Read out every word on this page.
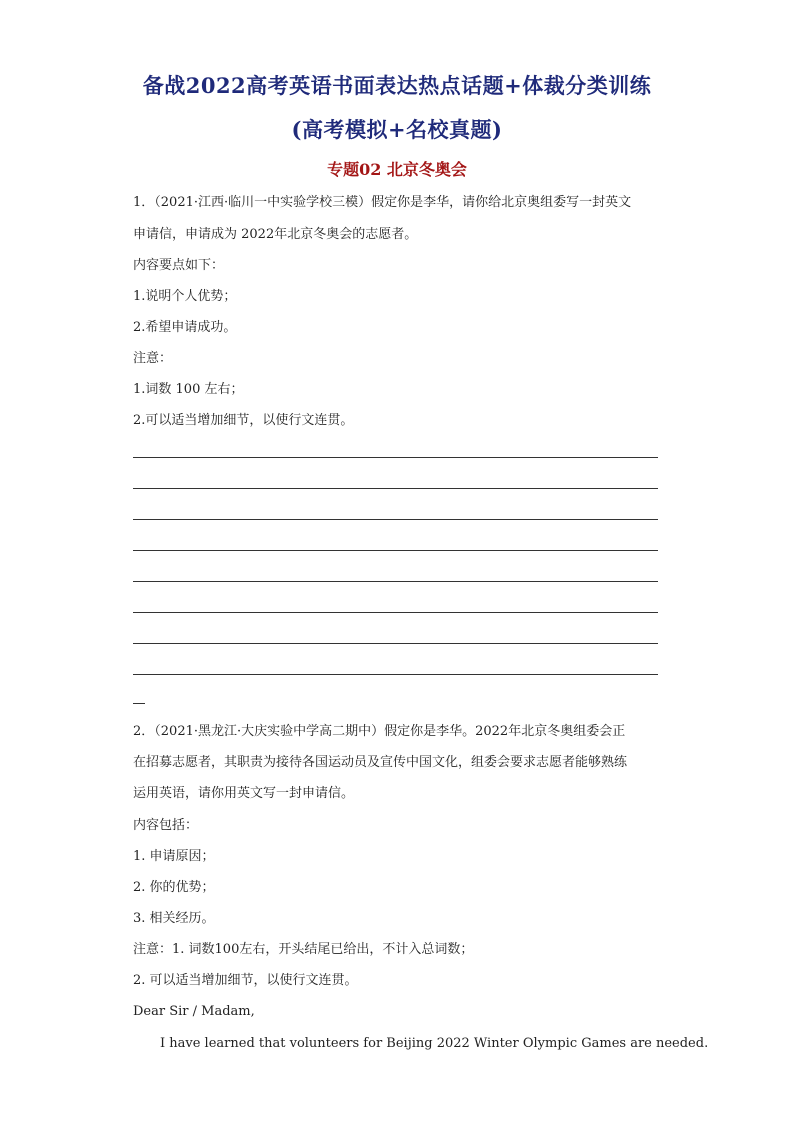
备战2022高考英语书面表达热点话题+体裁分类训练
(高考模拟+名校真题)
专题02 北京冬奥会
1．（2021·江西·临川一中实验学校三模）假定你是李华，请你给北京奥组委写一封英文
申请信，申请成为 2022年北京冬奥会的志愿者。
内容要点如下：
1.说明个人优势；
2.希望申请成功。
注意：
1.词数 100 左右；
2.可以适当增加细节，以使行文连贯。
2．（2021·黑龙江·大庆实验中学高二期中）假定你是李华。2022年北京冬奥组委会正
在招募志愿者，其职责为接待各国运动员及宣传中国文化，组委会要求志愿者能够熟练
运用英语，请你用英文写一封申请信。
内容包括：
1. 申请原因；
2. 你的优势；
3. 相关经历。
注意：1. 词数100左右，开头结尾已给出，不计入总词数；
2. 可以适当增加细节，以使行文连贯。
Dear Sir / Madam,
I have learned that volunteers for Beijing 2022 Winter Olympic Games are needed.
